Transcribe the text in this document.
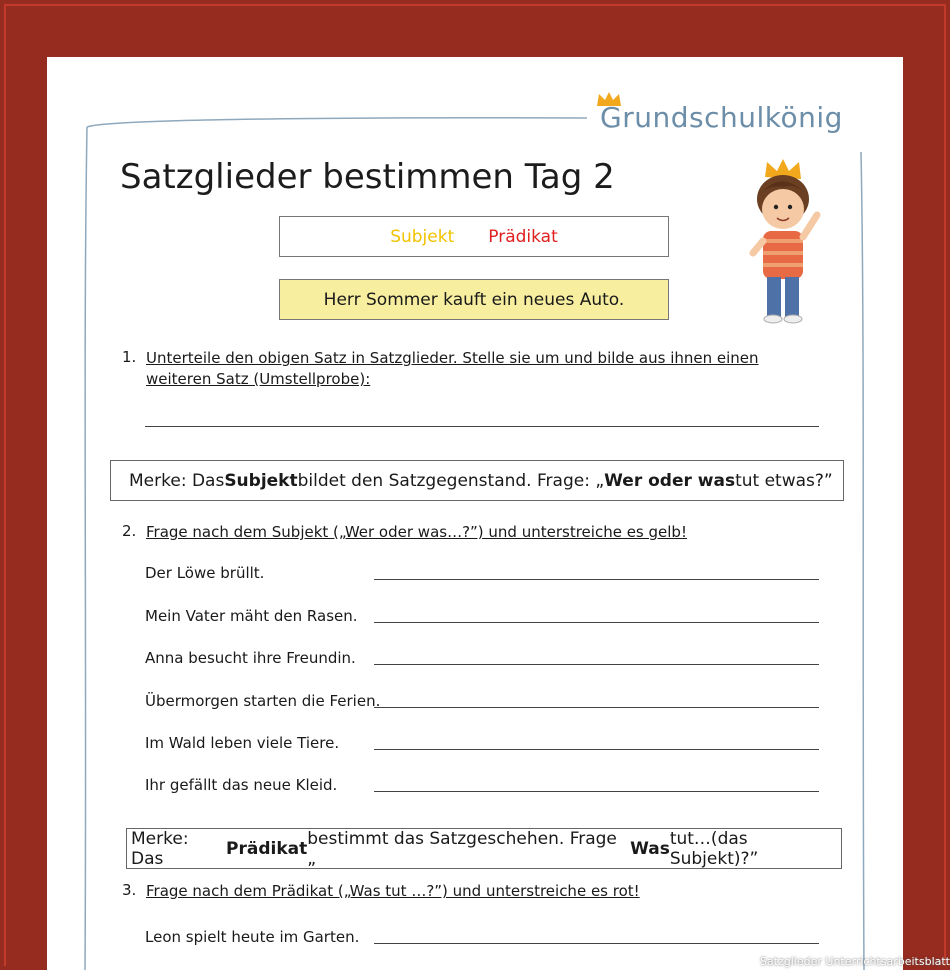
Grundschulkönig
Satzglieder bestimmen Tag 2
Subjekt Prädikat
Herr Sommer kauft ein neues Auto.
1. Unterteile den obigen Satz in Satzglieder. Stelle sie um und bilde aus ihnen einen weiteren Satz (Umstellprobe):
Merke: Das Subjekt bildet den Satzgegenstand. Frage: „ Wer oder was tut etwas?”
2. Frage nach dem Subjekt („Wer oder was…?”) und unterstreiche es gelb!
Der Löwe brüllt.
Mein Vater mäht den Rasen.
Anna besucht ihre Freundin.
Übermorgen starten die Ferien.
Im Wald leben viele Tiere.
Ihr gefällt das neue Kleid.
Merke: Das	Prädikat bestimmt das Satzgeschehen. Frage „	Was tut…(das Subjekt)?”
3. Frage nach dem Prädikat („Was tut …?”) und unterstreiche es rot!
Leon spielt heute im Garten.
Satzglieder Unterrichtsarbeitsblatt
